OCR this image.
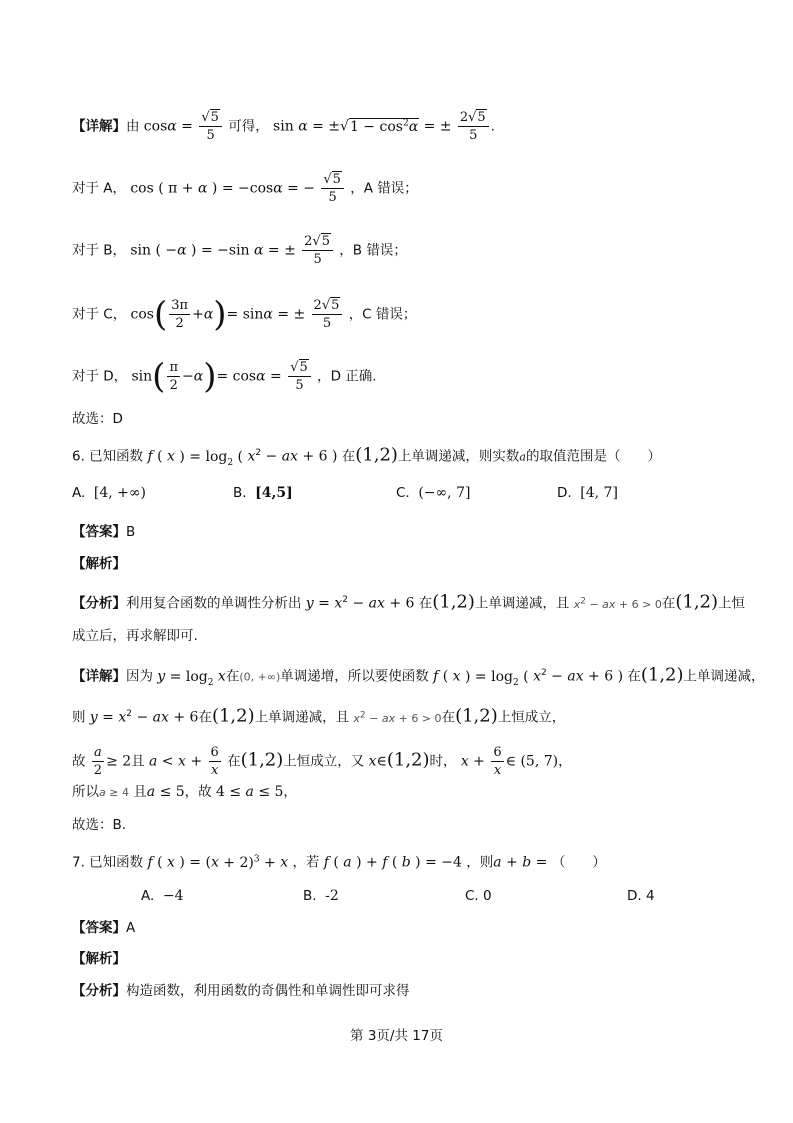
【详解】由 $\cos\alpha = \frac{√5}{5}$ 可得， $\sin \alpha = \pm√1 - \cos^2\alpha$ = ± $\frac{2√5}{5}$ .
对于 A， cos ( π + α ) = −cosα = − $\frac{√5}{5}$ ，A 错误；
对于 B， sin ( −α ) = −sin α = ± $\frac{2√5}{5}$ ，B 错误；
对于 C， $\cos( \frac{3\pi}{2} +\alpha)= \sin\alpha$ = ± $\frac{2√5}{5}$ ，C 错误；
对于 D， $\sin( \frac{\pi}{2} -\alpha)= \cos\alpha = \frac{√5}{5}$ ，D 正确.
故选：D
6. 已知函数 f ( x ) = $\log_2$ ( $x^2$ − ax + 6 ) 在(1,2)上单调递减，则实数a的取值范围是（　　）
A. [4, +∞)	B. [4,5]	C. (−∞, 7]	D. [4, 7]
【答案】B
【解析】
【分析】利用复合函数的单调性分析出 $y = x^2$ − ax + 6 在(1,2)上单调递减，且 $x^2$ − ax + 6 > 0在(1,2)上恒
成立后，再求解即可.
【详解】因为 $y = \log_2 x$在(0, +∞)单调递增，所以要使函数 f ( x ) = $\log_2$ ( $x^2$ − ax + 6 ) 在(1,2)上单调递减，
则 $y = x^2$ − ax + 6在(1,2)上单调递减，且 $x^2$ − ax + 6 > 0在(1,2)上恒成立，
故 $\frac{a}{2} \ge 2$且 $a < x + \frac{6}{x}$ 在(1,2)上恒成立，又 x∈(1,2)时， $x + \frac{6}{x}$ ∈ (5, 7)，
所以a ≥ 4 且a ≤ 5，故 4 ≤ a ≤ 5，
故选：B.
7. 已知函数 f ( x ) = $(x + 2)^3 + x$ ，若 f ( a ) + f ( b ) = −4 ，则a + b = （　　）
A. −4	B. -2	C. 0	D. 4
【答案】A
【解析】
【分析】构造函数，利用函数的奇偶性和单调性即可求得
第 3页/共 17页
